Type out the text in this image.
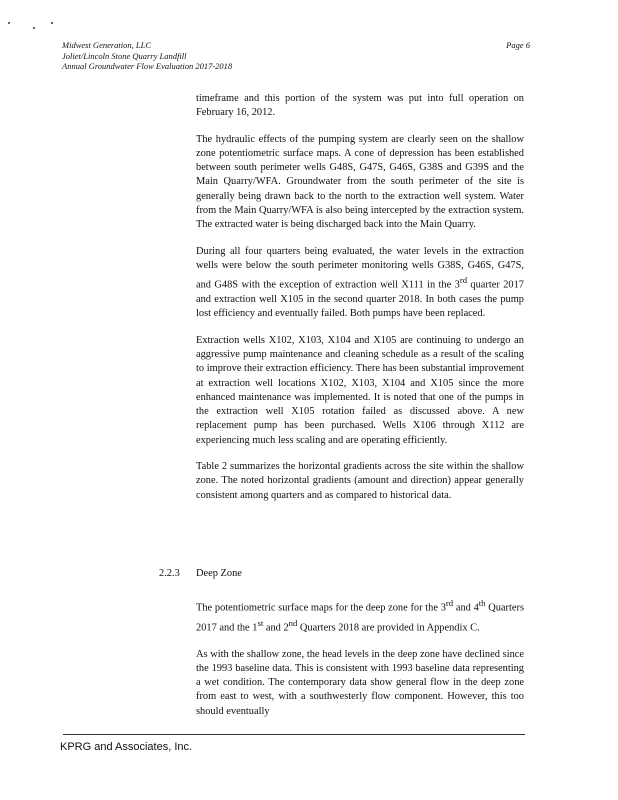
Midwest Generation, LLC
Joliet/Lincoln Stone Quarry Landfill
Annual Groundwater Flow Evaluation 2017-2018
Page 6

timeframe and this portion of the system was put into full operation on February 16, 2012.

The hydraulic effects of the pumping system are clearly seen on the shallow zone potentiometric surface maps. A cone of depression has been established between south perimeter wells G48S, G47S, G46S, G38S and G39S and the Main Quarry/WFA. Groundwater from the south perimeter of the site is generally being drawn back to the north to the extraction well system. Water from the Main Quarry/WFA is also being intercepted by the extraction system. The extracted water is being discharged back into the Main Quarry.

During all four quarters being evaluated, the water levels in the extraction wells were below the south perimeter monitoring wells G38S, G46S, G47S, and G48S with the exception of extraction well X111 in the 3rd quarter 2017 and extraction well X105 in the second quarter 2018. In both cases the pump lost efficiency and eventually failed. Both pumps have been replaced.

Extraction wells X102, X103, X104 and X105 are continuing to undergo an aggressive pump maintenance and cleaning schedule as a result of the scaling to improve their extraction efficiency. There has been substantial improvement at extraction well locations X102, X103, X104 and X105 since the more enhanced maintenance was implemented. It is noted that one of the pumps in the extraction well X105 rotation failed as discussed above. A new replacement pump has been purchased. Wells X106 through X112 are experiencing much less scaling and are operating efficiently.

Table 2 summarizes the horizontal gradients across the site within the shallow zone. The noted horizontal gradients (amount and direction) appear generally consistent among quarters and as compared to historical data.

2.2.3 Deep Zone

The potentiometric surface maps for the deep zone for the 3rd and 4th Quarters 2017 and the 1st and 2nd Quarters 2018 are provided in Appendix C.

As with the shallow zone, the head levels in the deep zone have declined since the 1993 baseline data. This is consistent with 1993 baseline data representing a wet condition. The contemporary data show general flow in the deep zone from east to west, with a southwesterly flow component. However, this too should eventually

KPRG and Associates, Inc.
